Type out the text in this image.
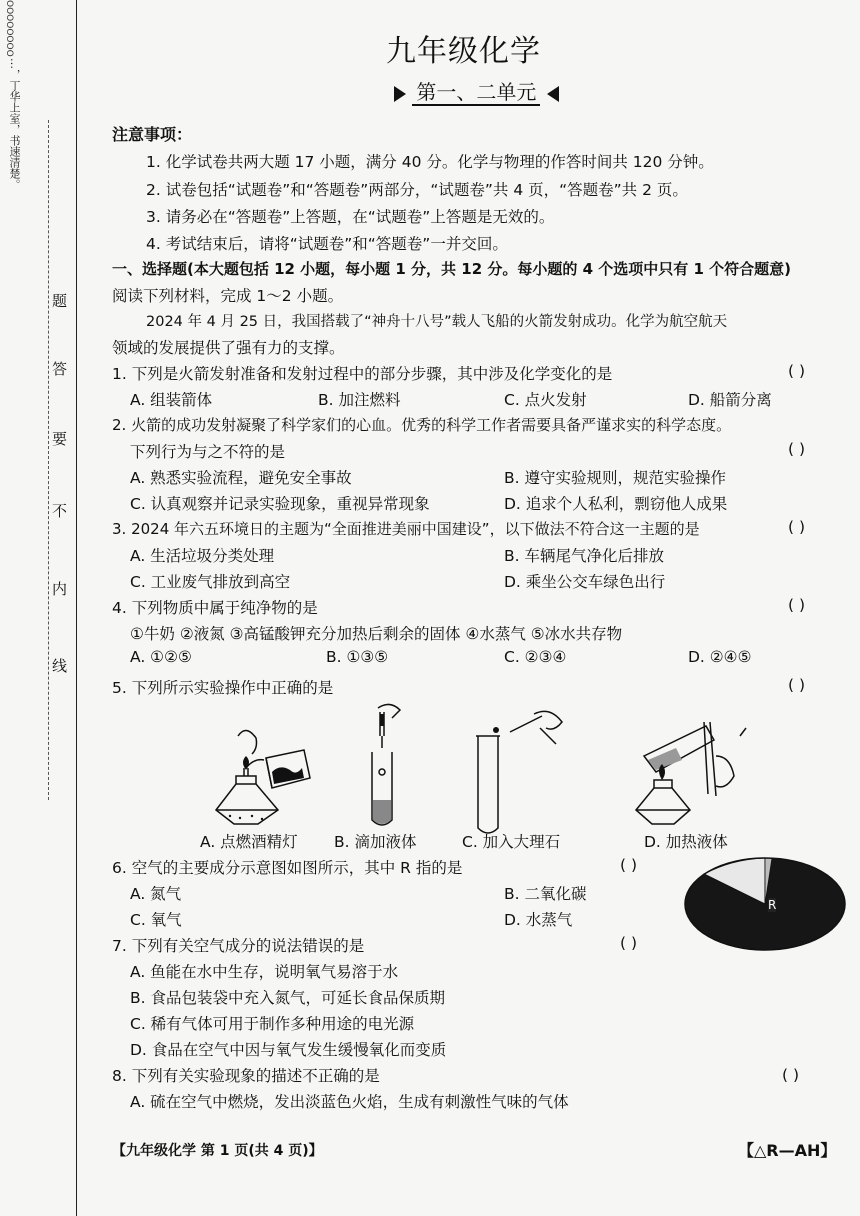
OOOOOOOO
…，丁华上室，书速清楚。
题
答
要
不
内
线
九年级化学
第一、二单元
注意事项：
1. 化学试卷共两大题 17 小题，满分 40 分。化学与物理的作答时间共 120 分钟。
2. 试卷包括“试题卷”和“答题卷”两部分，“试题卷”共 4 页，“答题卷”共 2 页。
3. 请务必在“答题卷”上答题，在“试题卷”上答题是无效的。
4. 考试结束后，请将“试题卷”和“答题卷”一并交回。
一、选择题(本大题包括 12 小题，每小题 1 分，共 12 分。每小题的 4 个选项中只有 1 个符合题意)
阅读下列材料，完成 1～2 小题。
2024 年 4 月 25 日，我国搭载了“神舟十八号”载人飞船的火箭发射成功。化学为航空航天
领域的发展提供了强有力的支撑。
1. 下列是火箭发射准备和发射过程中的部分步骤，其中涉及化学变化的是	( )
A. 组装箭体	B. 加注燃料	C. 点火发射	D. 船箭分离
2. 火箭的成功发射凝聚了科学家们的心血。优秀的科学工作者需要具备严谨求实的科学态度。
下列行为与之不符的是	( )
A. 熟悉实验流程，避免安全事故	B. 遵守实验规则，规范实验操作
C. 认真观察并记录实验现象，重视异常现象	D. 追求个人私利，剽窃他人成果
3. 2024 年六五环境日的主题为“全面推进美丽中国建设”，以下做法不符合这一主题的是	( )
A. 生活垃圾分类处理	B. 车辆尾气净化后排放
C. 工业废气排放到高空	D. 乘坐公交车绿色出行
4. 下列物质中属于纯净物的是	( )
①牛奶 ②液氮 ③高锰酸钾充分加热后剩余的固体 ④水蒸气 ⑤冰水共存物
A. ①②⑤	B. ①③⑤	C. ②③④	D. ②④⑤
5. 下列所示实验操作中正确的是	( )
A. 点燃酒精灯 B. 滴加液体	C. 加入大理石	D. 加热液体
6. 空气的主要成分示意图如图所示，其中 R 指的是	( )
A. 氮气	B. 二氧化碳
C. 氧气	D. 水蒸气
R
7. 下列有关空气成分的说法错误的是	( )
A. 鱼能在水中生存，说明氧气易溶于水
B. 食品包装袋中充入氮气，可延长食品保质期
C. 稀有气体可用于制作多种用途的电光源
D. 食品在空气中因与氧气发生缓慢氧化而变质
8. 下列有关实验现象的描述不正确的是	( )
A. 硫在空气中燃烧，发出淡蓝色火焰，生成有刺激性气味的气体
【九年级化学 第 1 页(共 4 页)】	【△R—AH】
